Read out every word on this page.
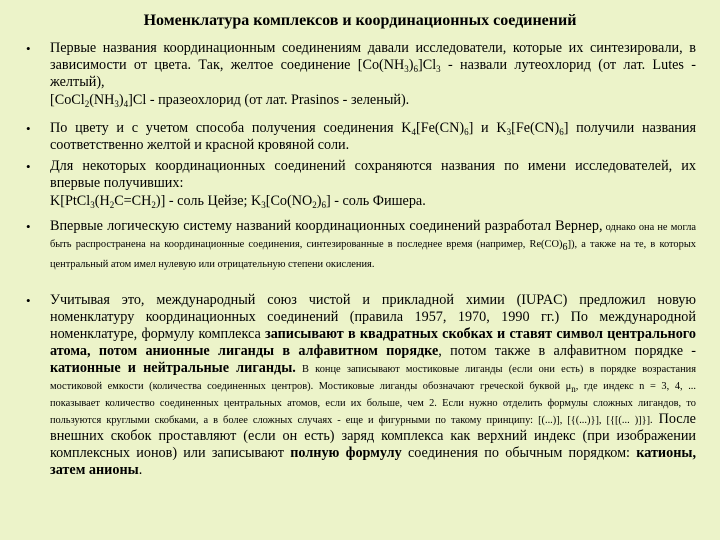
Номенклатура комплексов и координационных соединений
• Первые названия координационным соединениям давали исследователи, которые их синтезировали, в зависимости от цвета. Так, желтое соединение $[Co(NH_3)_6]Cl_3$ - назвали лутеохлорид (от лат. Lutes - желтый),
$[CoCl_2(NH_3)_4]Cl$ - празеохлорид (от лат. Prasinos - зеленый).
• По цвету и с учетом способа получения соединения $K_4[Fe(CN)_6]$ и $K_3[Fe(CN)_6]$ получили названия соответственно желтой и красной кровяной соли.
• Для некоторых координационных соединений сохраняются названия по имени исследователей, их впервые получивших:
$K[PtCl_3(H_2C=CH_2)]$ - соль Цейзе; $K_3[Co(NO_2)_6]$ - соль Фишера.
• Впервые логическую систему названий координационных соединений разработал Вернер, однако она не могла быть распространена на координационные соединения, синтезированные в последнее время (например, $Re(CO)_6$]), а также на те, в которых центральный атом имел нулевую или отрицательную степени окисления.
• Учитывая это, международный союз чистой и прикладной химии (IUPAC) предложил новую номенклатуру координационных соединений (правила 1957, 1970, 1990 гг.) По международной номенклатуре, формулу комплекса записывают в квадратных скобках и ставят символ центрального атома, потом анионные лиганды в алфавитном порядке, потом также в алфавитном порядке - катионные и нейтральные лиганды. В конце записывают мостиковые лиганды (если они есть) в порядке возрастания мостиковой емкости (количества соединенных центров). Мостиковые лиганды обозначают греческой буквой $\mu_n$, где индекс n = 3, 4, ... показывает количество соединенных центральных атомов, если их больше, чем 2. Если нужно отделить формулы сложных лигандов, то пользуются круглыми скобками, а в более сложных случаях - еще и фигурными по такому принципу: [(...)], [{(...)}], [{[(... )]}]. После внешних скобок проставляют (если он есть) заряд комплекса как верхний индекс (при изображении комплексных ионов) или записывают полную формулу соединения по обычным порядком: катионы, затем анионы.
